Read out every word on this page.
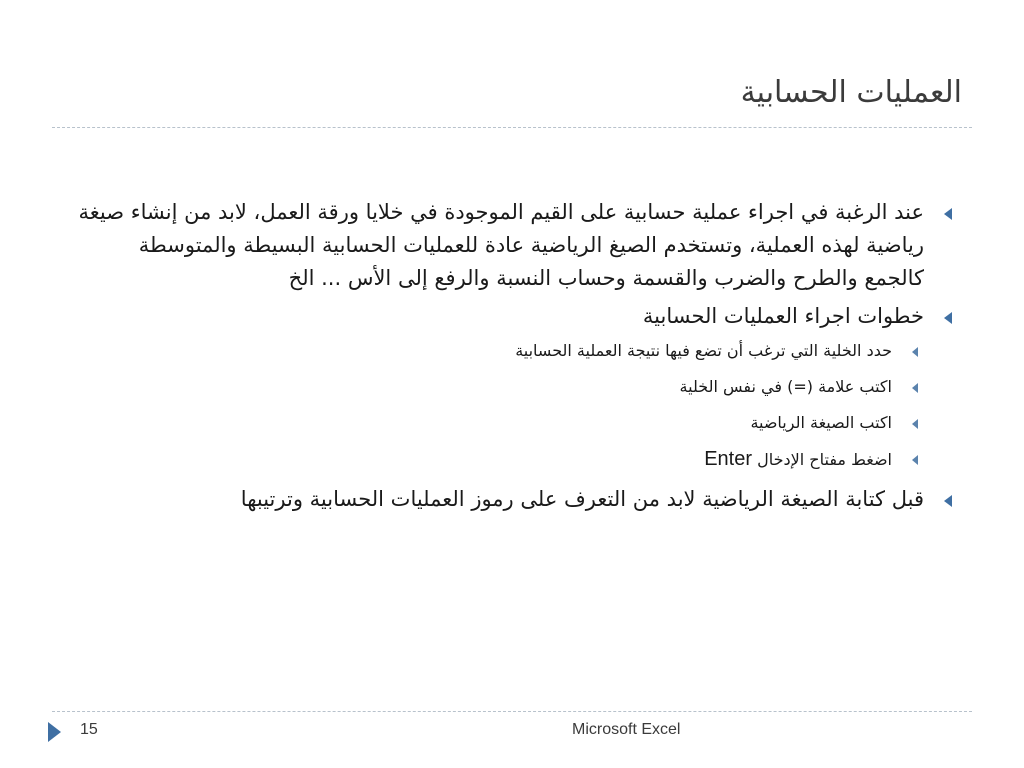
العمليات الحسابية
عند الرغبة في اجراء عملية حسابية على القيم الموجودة في خلايا ورقة العمل، لابد من إنشاء صيغة رياضية لهذه العملية، وتستخدم الصيغ الرياضية عادة للعمليات الحسابية البسيطة والمتوسطة كالجمع والطرح والضرب والقسمة وحساب النسبة والرفع إلى الأس ... الخ
خطوات اجراء العمليات الحسابية
حدد الخلية التي ترغب أن تضع فيها نتيجة العملية الحسابية
اكتب علامة (=) في نفس الخلية
اكتب الصيغة الرياضية
اضغط مفتاح الإدخال Enter
قبل كتابة الصيغة الرياضية لابد من التعرف على رموز العمليات الحسابية وترتيبها
15	Microsoft Excel
